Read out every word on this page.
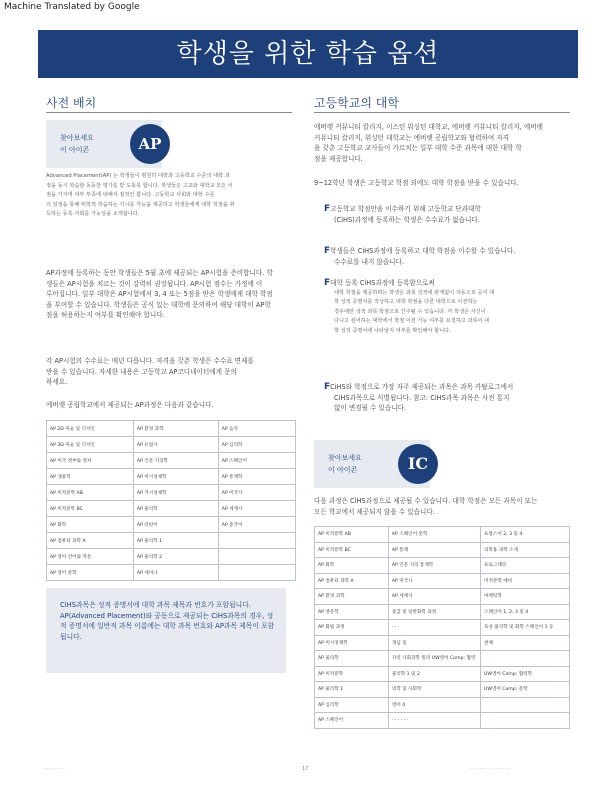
Machine Translated by Google
학생을 위한 학습 옵션
사전 배치
찾아보세요
이 아이콘	AP
Advanced Placement(AP) 는 학생들이 평원히 대학과 고등학교 수준의 대학 과
정을 동시 학습할 동등한 평가를 받 도록록 합니다. 학생들은 고교와 대학교 모든 이
점을 가지며 여부 부족에 대해서 질적인 합니다. 고등학교 사회와 대학 수준
의 일정을 통해 비학적 학습하는 지시를 가능을 제공하고 학생들에게 대학 학점을 취
득하는 등록 사회를 가능성을 소개합니다.
AP과정에 등록하는 동안 학생들은 5월 초에 제공되는 AP시험을 준비합니다. 학
생들은 AP시험을 치르는 것이 강력히 권장됩니다. AP시험 점수는 가정에 이
루어집니다. 일부 대학은 AP시험에서 3, 4 또는 5점을 받은 학생에게 대학 학점
을 부여할 수 있습니다. 학생들은 공식 있는 대학에 문의하여 해당 대학이 AP학
점을 허용하는지 여부를 확인해야 합니다.
각 AP시험의 수수료는 매년 다릅니다. 자격을 갖춘 학생은 수수료 면제를
받을 수 있습니다. 자세한 내용은 고등학교 AP코디네이터에게 문의
하세요.
에버렛 공립학교에서 제공되는 AP과정은 다음과 같습니다.
AP 2D 미술 및 디자인	AP 환경 과학	AP 음악
AP 3D 미술 및 디자인	AP 유럽사	AP 심리학
AP 미국 정부와 정치	AP 인문 지리학	AP 스페인어
AP 생물학	AP 미시경제학	AP 통계학
AP 미적분학 AB	AP 거시경제학	AP 미국사
AP 미적분학 BC	AP 물리학	AP 세계사
AP 화학	AP 라틴어	AP 중국어
AP 컴퓨터 과학 A	AP 물리학 1	
AP 영어 언어와 작문	AP 물리학 2	
AP 영어 문학	AP 세미나	
CiHS과목은 성적 증명서에 대학 과목 제목과 번호가 포함됩니다. AP(Advanced Placement)와 공동으로 제공되는 CiHS과목의 경우, 성적 증명서에 일반적 과목 이름에는 대학 과목 번호와 AP과목 제목이 포함됩니다.
고등학교의 대학
에버렛 커뮤니티 칼리지, 이스턴 워싱턴 대학교, 에버렛 커뮤니티 칼리지, 에버렛
커뮤니티 칼리지, 워싱턴 대학교는 에버렛 공립학교와 협력하여 자격
을 갖춘 고등학교 교사들이 가르치는 일부 대학 수준 과목에 대한 대학 학
점을 제공합니다.
9~12학년 학생은 고등학교 학점 외에도 대학 학점을 받을 수 있습니다.
F고등학교 학점만을 이수하기 위해 고등학교 단과대학
(CiHS)과정에 등록하는 학생은 수수료가 없습니다.
F학생들은 CiHS과정에 등록하고 대학 학점을 이수할 수 있습니다.
수수료를 내지 않습니다.
F대학 등록 CiHS과정에 등록함으로써
대학 학점을 제공하려는 학생은 과목 성적에 관계없이 자동으로 공식 대
학 성적 증명서를 작성하고 대학 학점을 다른 대학으로 이전하는
경우에만 성적 과목 학점으로 간주될 수 있습니다. 각 학생은 자신이
다니고 싶어하는 대학에서 학점 이전 가능 여부를 요청하고 과목이 대
학 성적 증명서에 나타날지 여부를 확인해야 합니다.
FCiHS와 학점으로 가장 자주 제공되는 과목은 과목 카탈로그에서
CiHS과목으로 식별됩니다. 참고: CiHS과목 과목은 사전 통지
없이 변경될 수 있습니다.
찾아보세요
이 아이콘	IC
다음 과정은 CiHS과정으로 제공될 수 있습니다. 대학 학점은 모든 과목이 또는
모든 학교에서 제공되지 않을 수 있습니다.
AP 미적분학 AB	AP 스페인어 문학	프랑스어 2, 3 및 4
AP 미적분학 BC	AP 통계	의학용 과학 소개
AP 화학	AP 인문 지리 통계학	프로그래밍
AP 컴퓨터 과학 A	AP 미국사	미적분학 예비
AP 환경 과학	AP 세계사	마케팅학
AP 영문학	중급 및 일반화학 과정	스페인어 1, 2, 3 및 4
AP 화법 과정	· · ·	육상 물리학 및 화학 스페인어 1 등
AP 미시경제학	개념 및	천체
AP 물리학	자연 사회과학 원리 UW영어 Comp: 협력	
AP 미적분학	물리학 1 및 2	UW영어 Comp: 협력학
AP 물리학 1	의학 및 사회학	UW영어 Comp: 문학
AP 심리학	영어 4	
AP 스페인어	· · · · · ·	
· · · · · · ·	17	· · · · · · · · · · · · ·
